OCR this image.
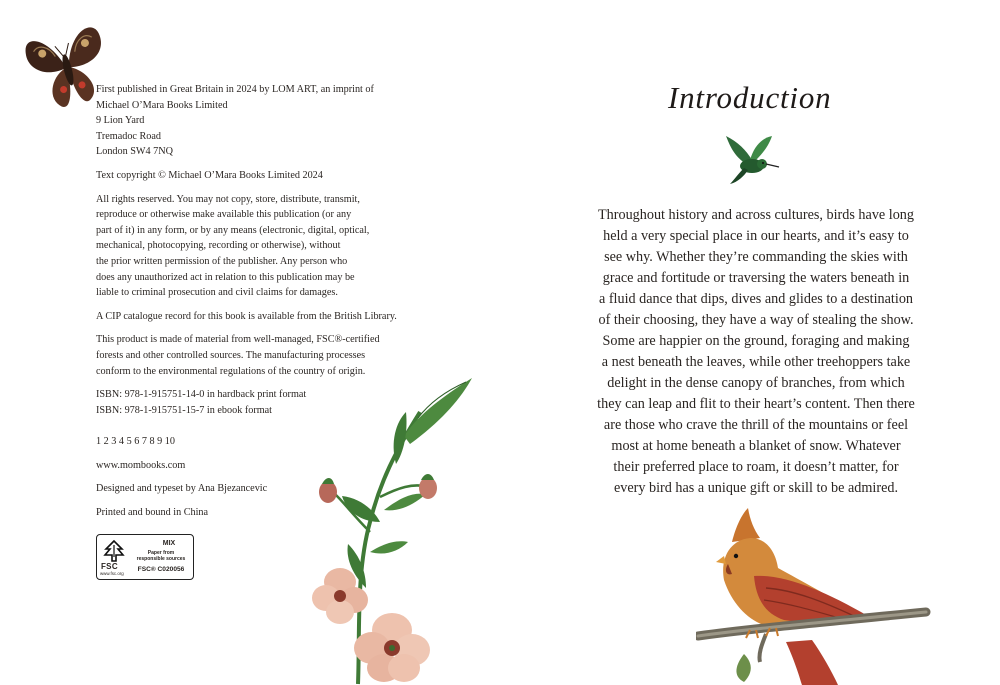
First published in Great Britain in 2024 by LOM ART, an imprint of
Michael O’Mara Books Limited
9 Lion Yard
Tremadoc Road
London SW4 7NQ
Text copyright © Michael O’Mara Books Limited 2024
All rights reserved. You may not copy, store, distribute, transmit,
reproduce or otherwise make available this publication (or any
part of it) in any form, or by any means (electronic, digital, optical,
mechanical, photocopying, recording or otherwise), without
the prior written permission of the publisher. Any person who
does any unauthorized act in relation to this publication may be
liable to criminal prosecution and civil claims for damages.
A CIP catalogue record for this book is available from the British Library.
This product is made of material from well-managed, FSC®-certified
forests and other controlled sources. The manufacturing processes
conform to the environmental regulations of the country of origin.
ISBN: 978-1-915751-14-0 in hardback print format
ISBN: 978-1-915751-15-7 in ebook format
1 2 3 4 5 6 7 8 9 10
www.mombooks.com
Designed and typeset by Ana Bjezancevic
Printed and bound in China
FSC
www.fsc.org
MIX
Paper from
responsible sources
FSC® C020056
Introduction
Throughout history and across cultures, birds have long
held a very special place in our hearts, and it’s easy to
see why. Whether they’re commanding the skies with
grace and fortitude or traversing the waters beneath in
a fluid dance that dips, dives and glides to a destination
of their choosing, they have a way of stealing the show.
Some are happier on the ground, foraging and making
a nest beneath the leaves, while other treehoppers take
delight in the dense canopy of branches, from which
they can leap and flit to their heart’s content. Then there
are those who crave the thrill of the mountains or feel
most at home beneath a blanket of snow. Whatever
their preferred place to roam, it doesn’t matter, for
every bird has a unique gift or skill to be admired.
